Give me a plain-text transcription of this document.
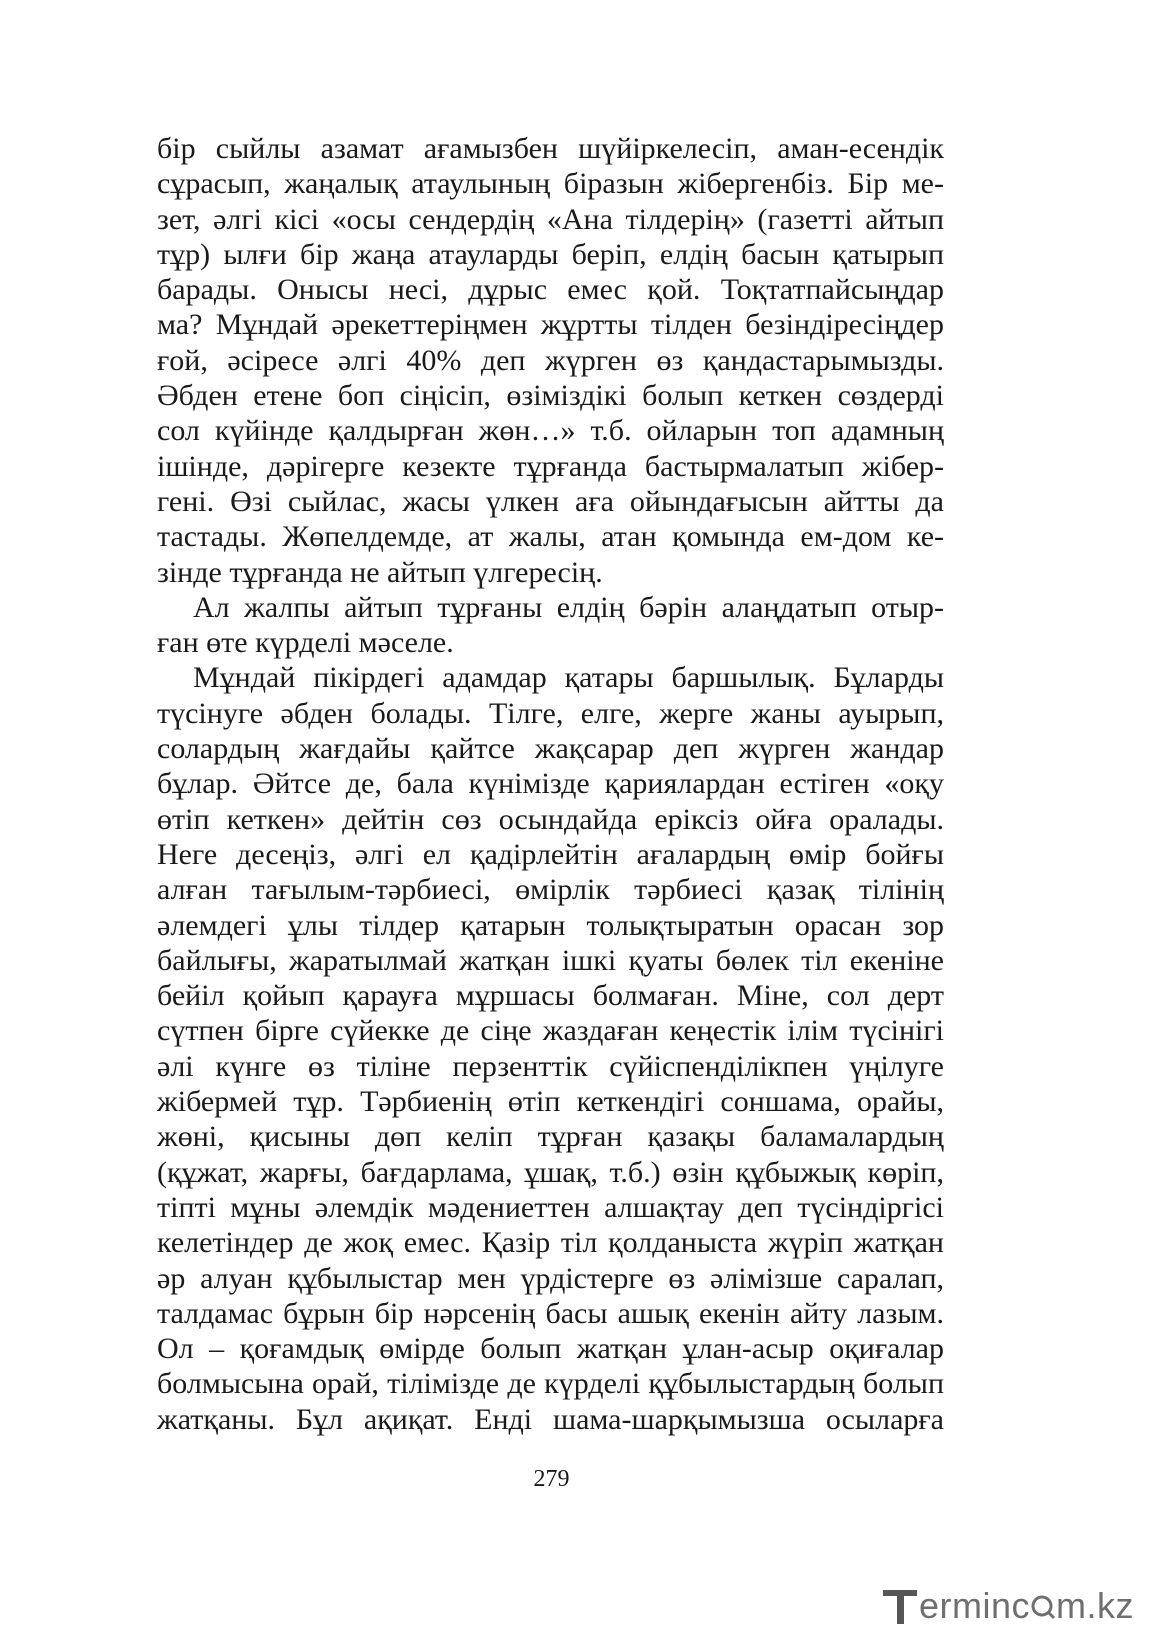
бір сыйлы азамат ағамызбен шүйіркелесіп, аман-есендік
сұрасып, жаңалық атаулының біразын жібергенбіз. Бір ме-
зет, әлгі кісі «осы сендердің «Ана тілдерің» (газетті айтып
тұр) ылғи бір жаңа атауларды беріп, елдің басын қатырып
барады. Онысы несі, дұрыс емес қой. Тоқтатпайсыңдар
ма? Мұндай әрекеттеріңмен жұртты тілден безіндіресіңдер
ғой, әсіресе әлгі 40% деп жүрген өз қандастарымызды.
Әбден етене боп сіңісіп, өзіміздікі болып кеткен сөздерді
сол күйінде қалдырған жөн…» т.б. ойларын топ адамның
ішінде, дәрігерге кезекте тұрғанда бастырмалатып жібер-
гені. Өзі сыйлас, жасы үлкен аға ойындағысын айтты да
тастады. Жөпелдемде, ат жалы, атан қомында ем-дом ке-
зінде тұрғанда не айтып үлгересің.
Ал жалпы айтып тұрғаны елдің бәрін алаңдатып отыр-
ған өте күрделі мәселе.
Мұндай пікірдегі адамдар қатары баршылық. Бұларды
түсінуге әбден болады. Тілге, елге, жерге жаны ауырып,
солардың жағдайы қайтсе жақсарар деп жүрген жандар
бұлар. Әйтсе де, бала күнімізде қариялардан естіген «оқу
өтіп кеткен» дейтін сөз осындайда еріксіз ойға оралады.
Неге десеңіз, әлгі ел қадірлейтін ағалардың өмір бойғы
алған тағылым-тәрбиесі, өмірлік тәрбиесі қазақ тілінің
әлемдегі ұлы тілдер қатарын толықтыратын орасан зор
байлығы, жаратылмай жатқан ішкі қуаты бөлек тіл екеніне
бейіл қойып қарауға мұршасы болмаған. Міне, сол дерт
сүтпен бірге сүйекке де сіңе жаздаған кеңестік ілім түсінігі
әлі күнге өз тіліне перзенттік сүйіспенділікпен үңілуге
жібермей тұр. Тәрбиенің өтіп кеткендігі соншама, орайы,
жөні, қисыны дөп келіп тұрған қазақы баламалардың
(құжат, жарғы, бағдарлама, ұшақ, т.б.) өзін құбыжық көріп,
тіпті мұны әлемдік мәдениеттен алшақтау деп түсіндіргісі
келетіндер де жоқ емес. Қазір тіл қолданыста жүріп жатқан
әр алуан құбылыстар мен үрдістерге өз әлімізше саралап,
талдамас бұрын бір нәрсенің басы ашық екенін айту лазым.
Ол – қоғамдық өмірде болып жатқан ұлан-асыр оқиғалар
болмысына орай, тілімізде де күрделі құбылыстардың болып
жатқаны. Бұл ақиқат. Енді шама-шарқымызша осыларға
279
erminc m.kz
